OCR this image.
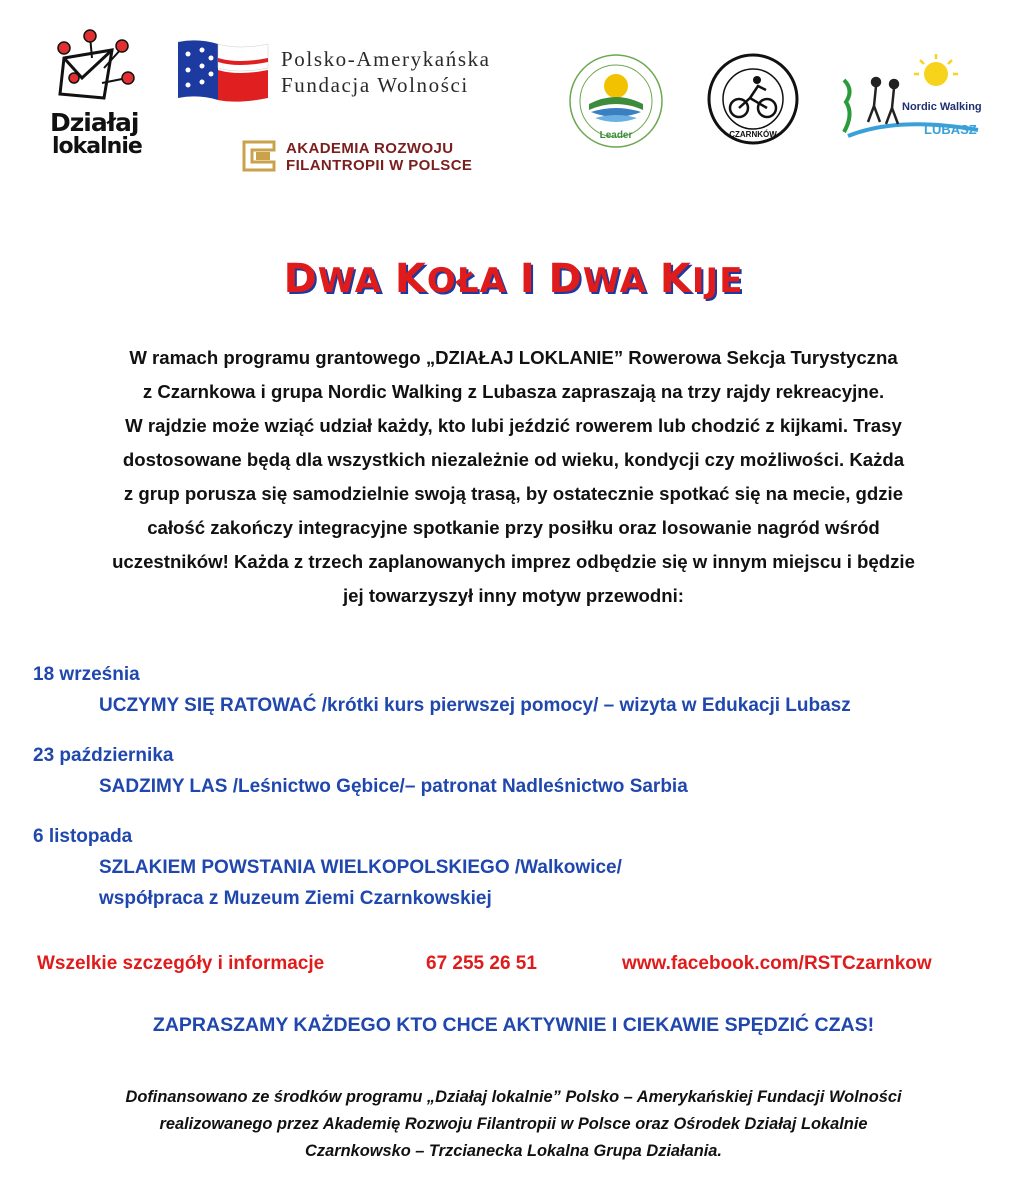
Działaj
lokalnie
Polsko-Amerykańska
Fundacja Wolności
AKADEMIA ROZWOJU
FILANTROPII W POLSCE
Leader	CZARNKÓW
Nordic Walking
LUBASZ
DWA KOŁA I DWA KIJE

W ramach programu grantowego „DZIAŁAJ LOKLANIE” Rowerowa Sekcja Turystyczna
z Czarnkowa i grupa Nordic Walking z Lubasza zapraszają na trzy rajdy rekreacyjne.
W rajdzie może wziąć udział każdy, kto lubi jeździć rowerem lub chodzić z kijkami. Trasy
dostosowane będą dla wszystkich niezależnie od wieku, kondycji czy możliwości. Każda
z grup porusza się samodzielnie swoją trasą, by ostatecznie spotkać się na mecie, gdzie
całość zakończy integracyjne spotkanie przy posiłku oraz losowanie nagród wśród
uczestników! Każda z trzech zaplanowanych imprez odbędzie się w innym miejscu i będzie
jej towarzyszył inny motyw przewodni:

18 września
UCZYMY SIĘ RATOWAĆ /krótki kurs pierwszej pomocy/ – wizyta w Edukacji Lubasz
23 października
SADZIMY LAS /Leśnictwo Gębice/– patronat Nadleśnictwo Sarbia
6 listopada
SZLAKIEM POWSTANIA WIELKOPOLSKIEGO /Walkowice/
współpraca z Muzeum Ziemi Czarnkowskiej
Wszelkie szczegóły i informacje	67 255 26 51	www.facebook.com/RSTCzarnkow
ZAPRASZAMY KAŻDEGO KTO CHCE AKTYWNIE I CIEKAWIE SPĘDZIĆ CZAS!
Dofinansowano ze środków programu „Działaj lokalnie” Polsko – Amerykańskiej Fundacji Wolności
realizowanego przez Akademię Rozwoju Filantropii w Polsce oraz Ośrodek Działaj Lokalnie
Czarnkowsko – Trzcianecka Lokalna Grupa Działania.
